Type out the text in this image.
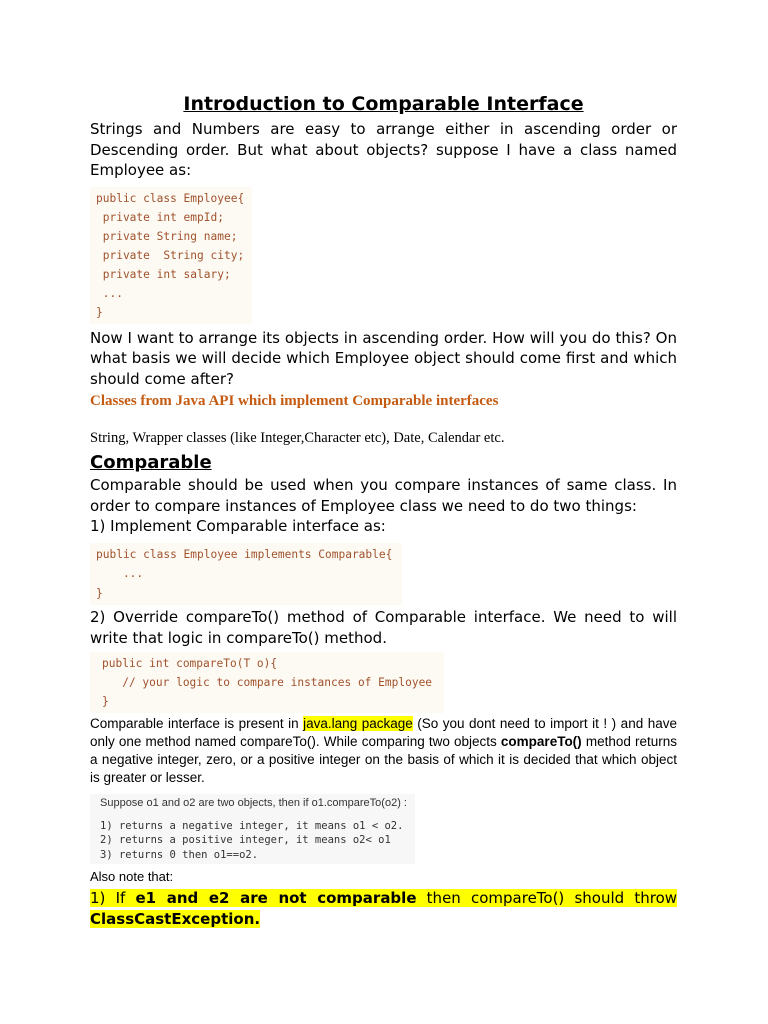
Introduction to Comparable Interface

Strings and Numbers are easy to arrange either in ascending order or Descending order. But what about objects? suppose I have a class named Employee as:

public class Employee{
private int empId;
private String name;
private  String city;
private int salary;
...
}

Now I want to arrange its objects in ascending order. How will you do this? On what basis we will decide which Employee object should come first and which should come after?

Classes from Java API which implement Comparable interfaces

String, Wrapper classes (like Integer,Character etc), Date, Calendar etc.

Comparable

Comparable should be used when you compare instances of same class. In order to compare instances of Employee class we need to do two things:

1) Implement Comparable interface as:

public class Employee implements Comparable{
...
}

2) Override compareTo() method of Comparable interface. We need to will write that logic in compareTo() method.

public int compareTo(T o){
// your logic to compare instances of Employee
}

Comparable interface is present in java.lang package (So you dont need to import it ! ) and have only one method named compareTo(). While comparing two objects compareTo() method returns a negative integer, zero, or a positive integer on the basis of which it is decided that which object is greater or lesser.

Suppose o1 and o2 are two objects, then if o1.compareTo(o2) :
1) returns a negative integer, it means o1 < o2.
2) returns a positive integer, it means o2< o1
3) returns 0 then o1==o2.

Also note that:

1) If e1 and e2 are not comparable then compareTo() should throw ClassCastException.
